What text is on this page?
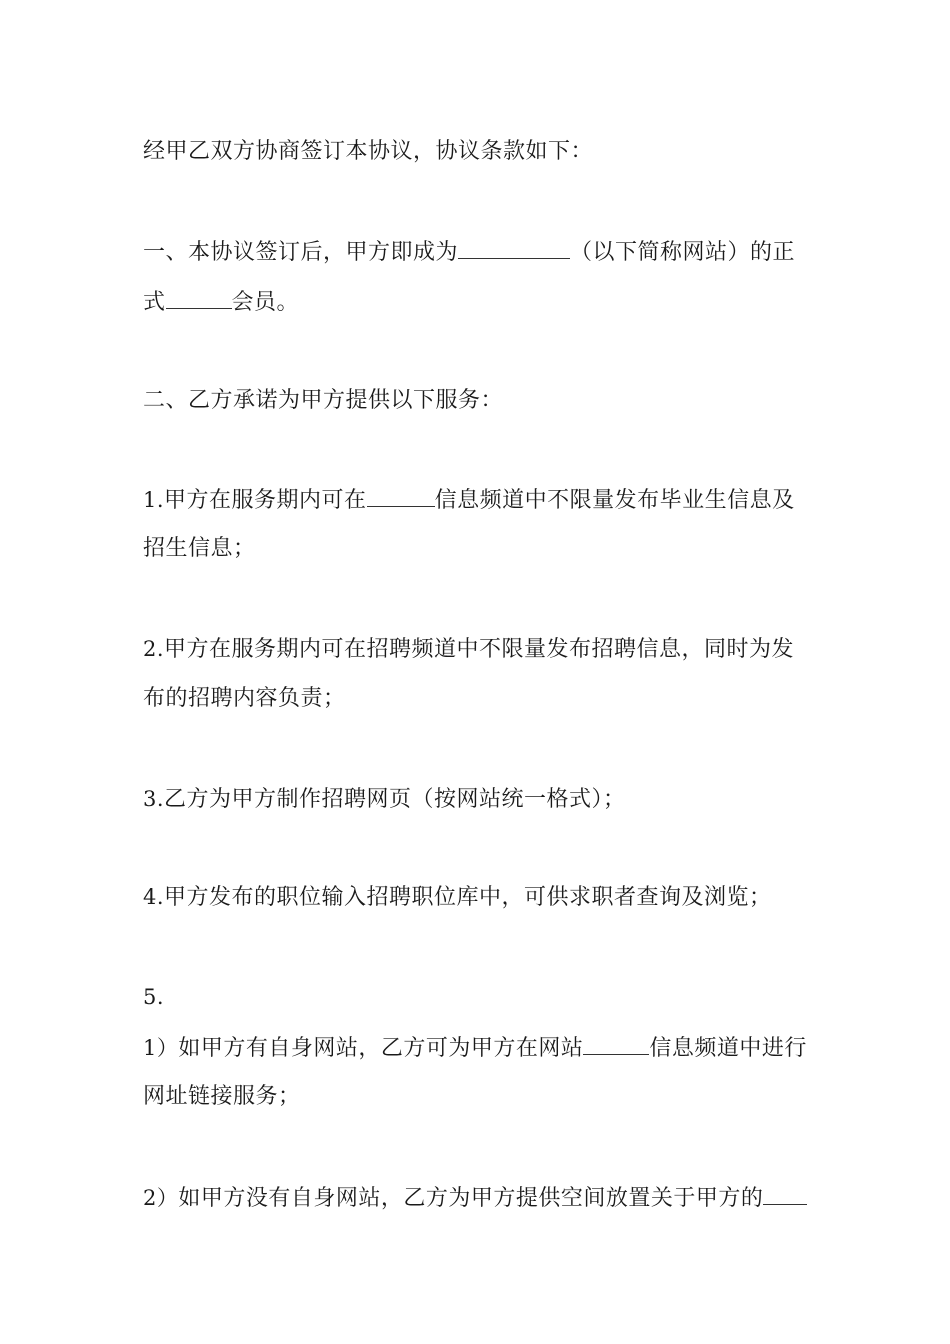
经甲乙双方协商签订本协议，协议条款如下：
一、本协议签订后，甲方即成为	（以下简称网站）的正
式	会员。
二、乙方承诺为甲方提供以下服务：
1.甲方在服务期内可在	信息频道中不限量发布毕业生信息及
招生信息；
2.甲方在服务期内可在招聘频道中不限量发布招聘信息，同时为发
布的招聘内容负责；
3.乙方为甲方制作招聘网页（按网站统一格式）；
4.甲方发布的职位输入招聘职位库中，可供求职者查询及浏览；
5.
1）如甲方有自身网站，乙方可为甲方在网站	信息频道中进行
网址链接服务；
2）如甲方没有自身网站，乙方为甲方提供空间放置关于甲方的
